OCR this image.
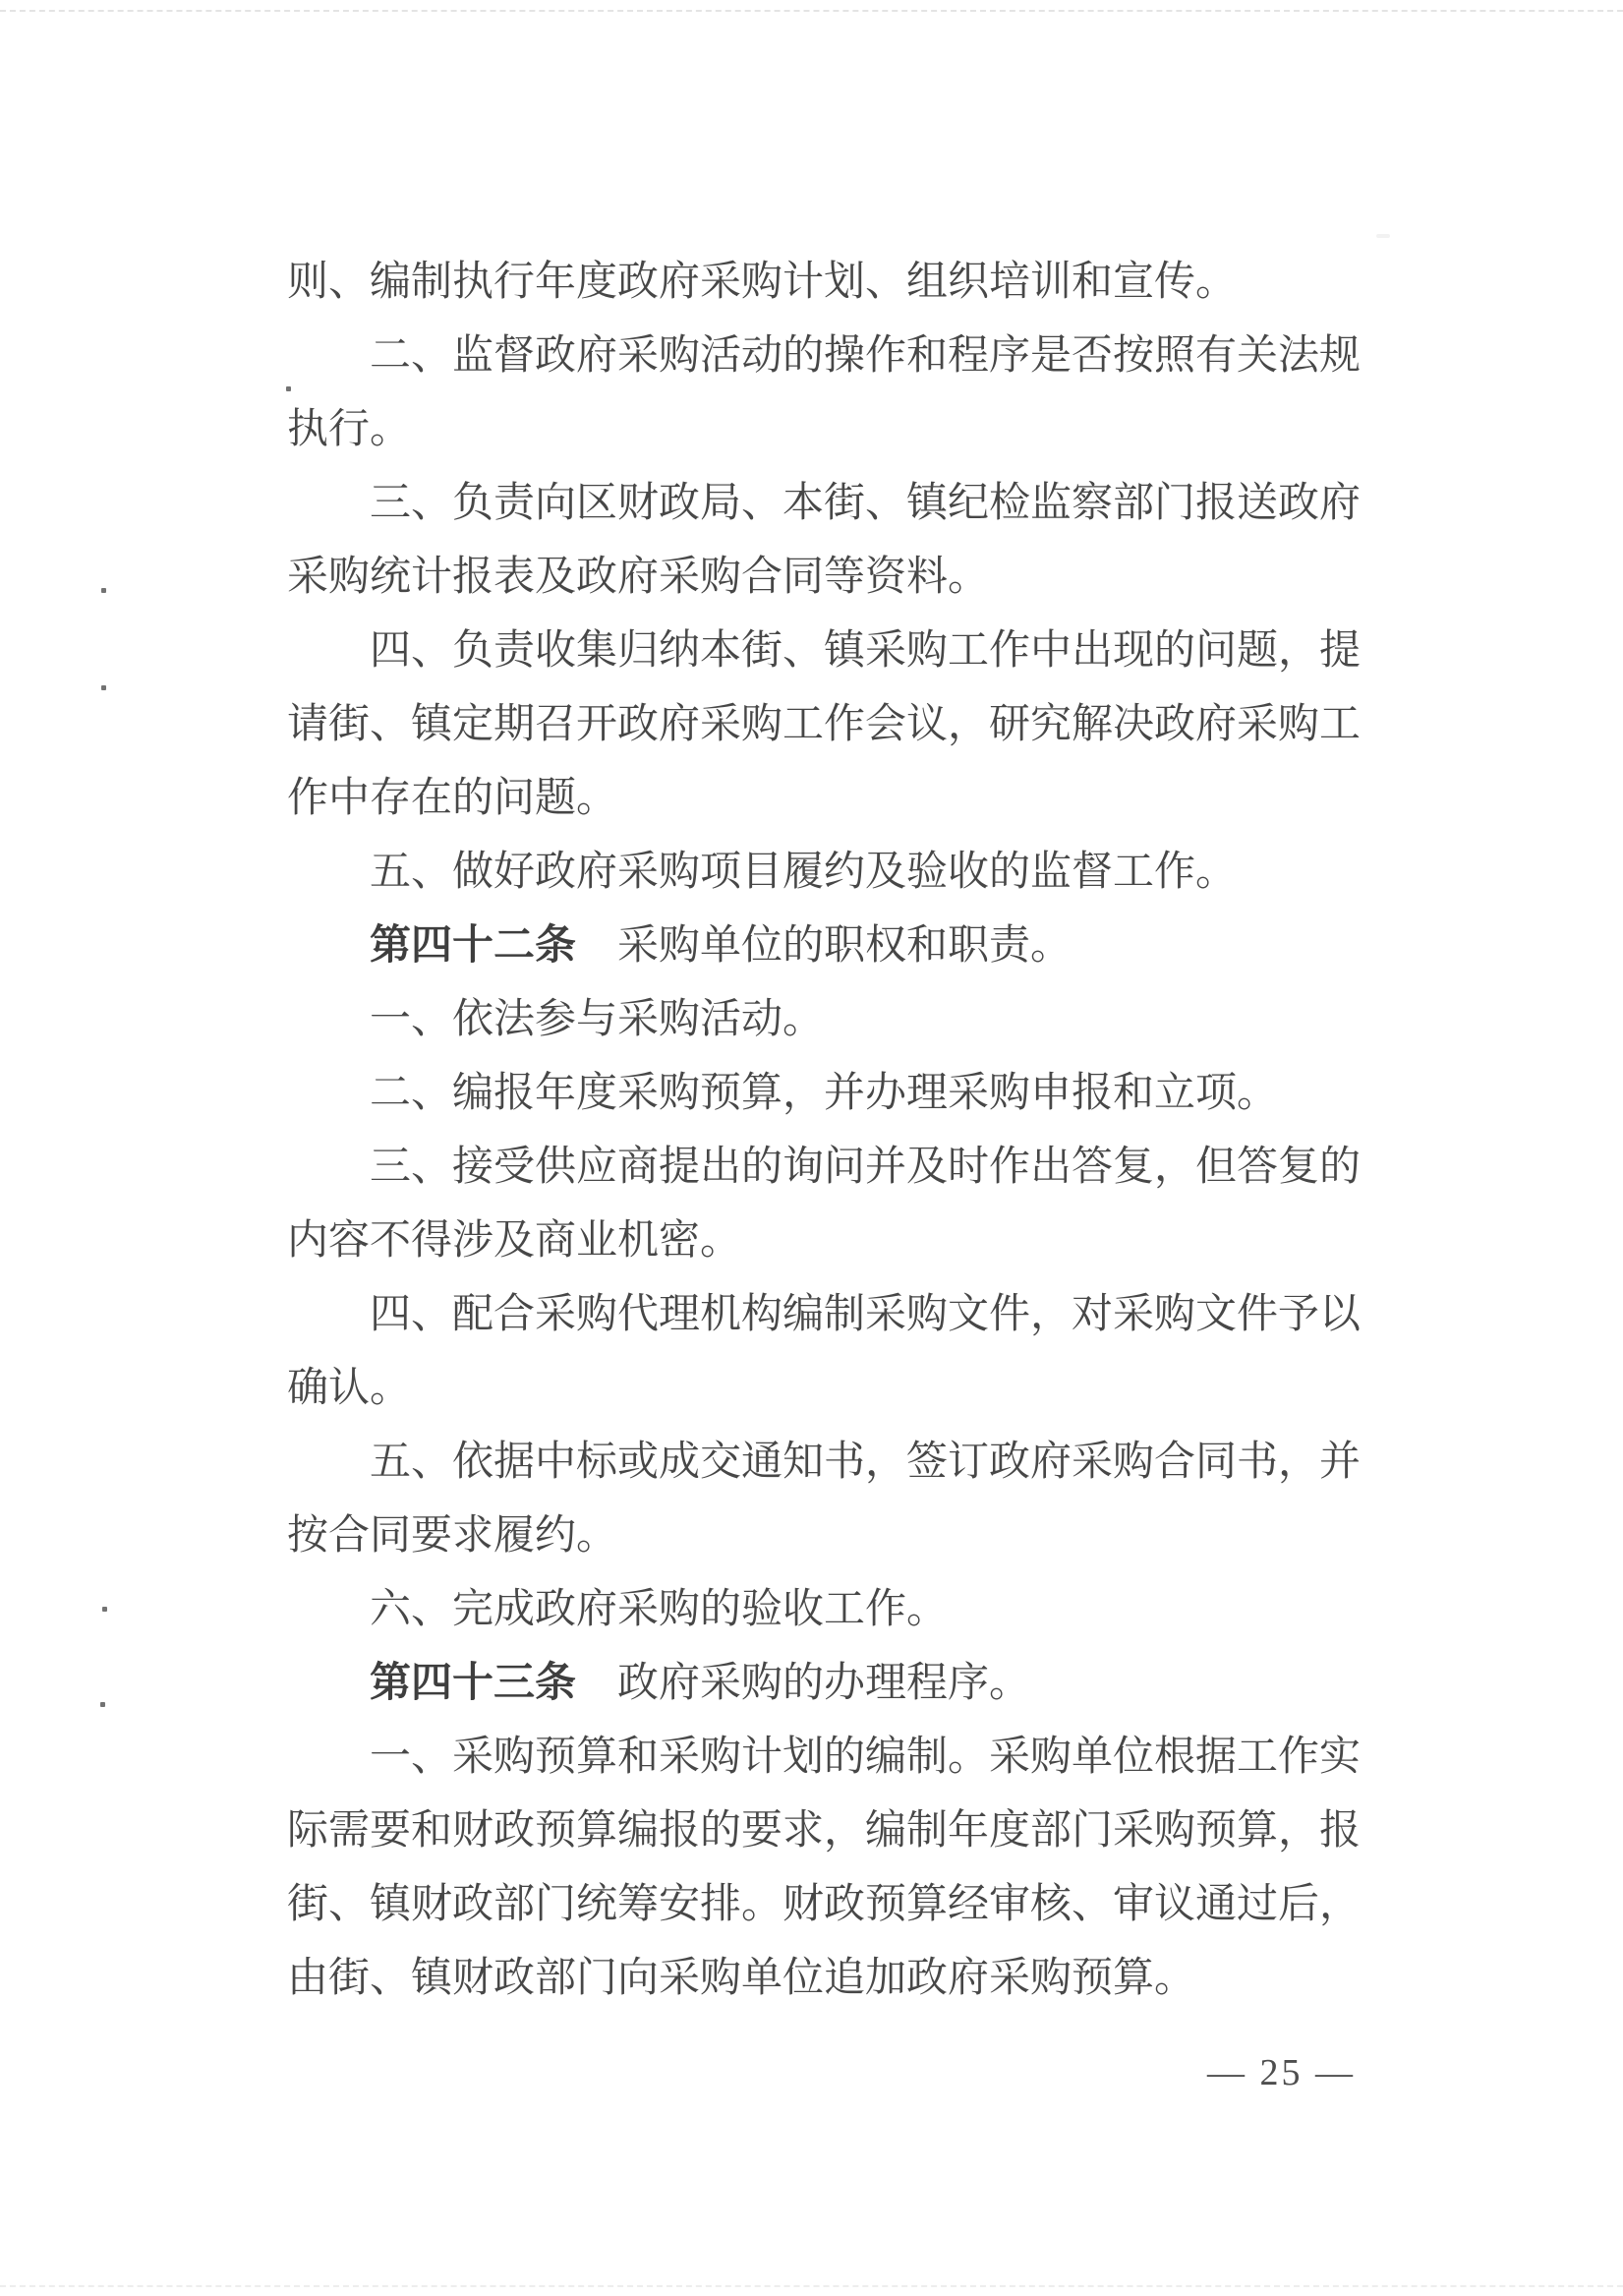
则、编制执行年度政府采购计划、组织培训和宣传。
二、监督政府采购活动的操作和程序是否按照有关法规
执行。
三、负责向区财政局、本街、镇纪检监察部门报送政府
采购统计报表及政府采购合同等资料。
四、负责收集归纳本街、镇采购工作中出现的问题，提
请街、镇定期召开政府采购工作会议，研究解决政府采购工
作中存在的问题。
五、做好政府采购项目履约及验收的监督工作。
第四十二条　采购单位的职权和职责。
一、依法参与采购活动。
二、编报年度采购预算，并办理采购申报和立项。
三、接受供应商提出的询问并及时作出答复，但答复的
内容不得涉及商业机密。
四、配合采购代理机构编制采购文件，对采购文件予以
确认。
五、依据中标或成交通知书，签订政府采购合同书，并
按合同要求履约。
六、完成政府采购的验收工作。
第四十三条　政府采购的办理程序。
一、采购预算和采购计划的编制。采购单位根据工作实
际需要和财政预算编报的要求，编制年度部门采购预算，报
街、镇财政部门统筹安排。财政预算经审核、审议通过后，
由街、镇财政部门向采购单位追加政府采购预算。
— 25 —
